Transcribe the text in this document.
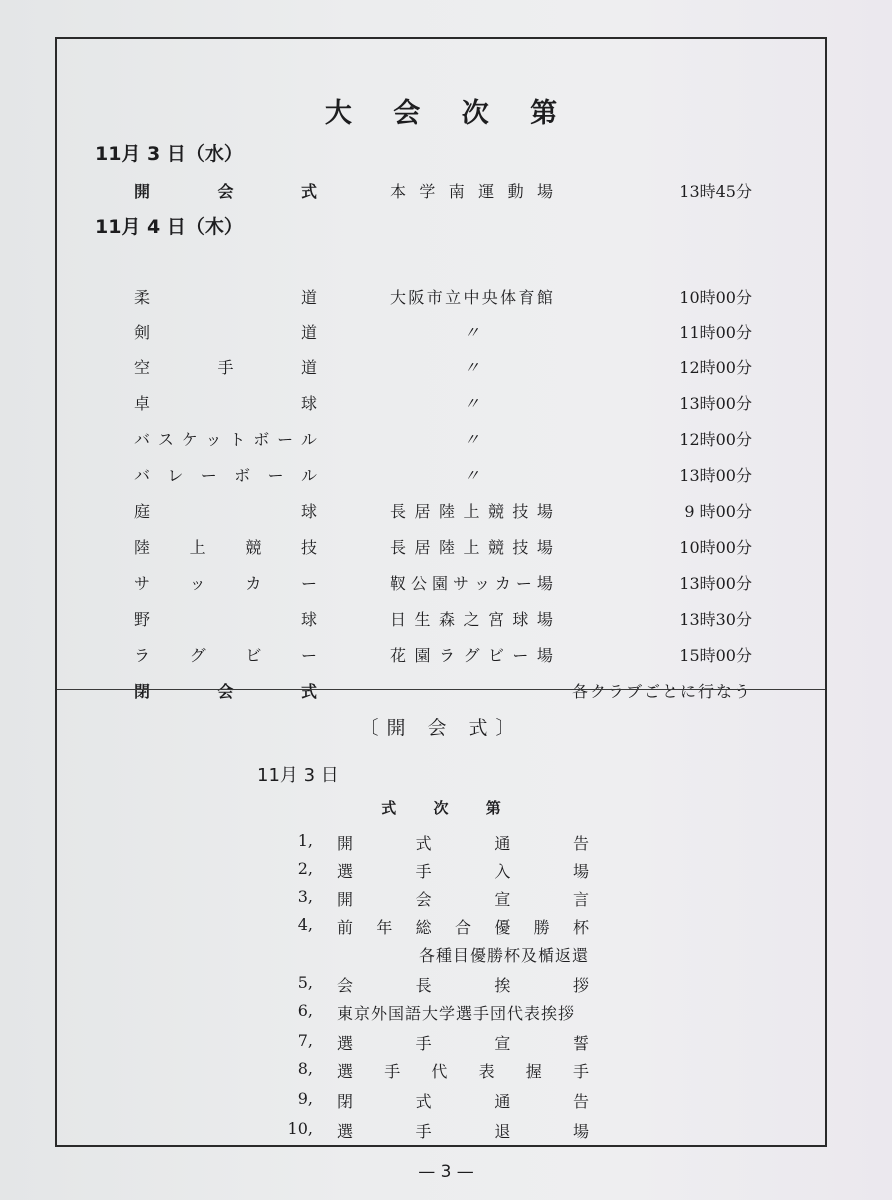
大 会 次 第
11月 3 日（水）
開	会	式	本 学 南 運 動 場	13時45分
11月 4 日（木）
柔	道	大 阪 市 立 中 央 体 育 館	10時00分
剣	道	〃	11時00分
空	手	道	〃	12時00分
卓	球	〃	13時00分
バ ス ケ ッ ト ボ ー ル	〃	12時00分
バ レ ー ボ ー ル	〃	13時00分
庭	球	長 居 陸 上 競 技 場	9 時00分
陸 上 競 技	長 居 陸 上 競 技 場	10時00分
サ ッ カ ー	靫 公 園 サ ッ カ ー 場	13時00分
野	球	日 生 森 之 宮 球 場	13時30分
ラ グ ビ ー	花 園 ラ グ ビ ー 場	15時00分
閉	会	式	各クラブごとに行なう
〔開 会 式〕
11月 3 日
式 次 第
1, 開	式	通	告
2, 選	手	入	場
3, 開	会	宣	言
4, 前 年 総 合 優 勝 杯
各種目優勝杯及楯返還
5, 会	長	挨	拶
6, 東京外国語大学選手団代表挨拶
7, 選	手	宣	誓
8, 選 手 代 表 握 手
9, 閉	式	通	告
10, 選	手	退	場
— 3 —
